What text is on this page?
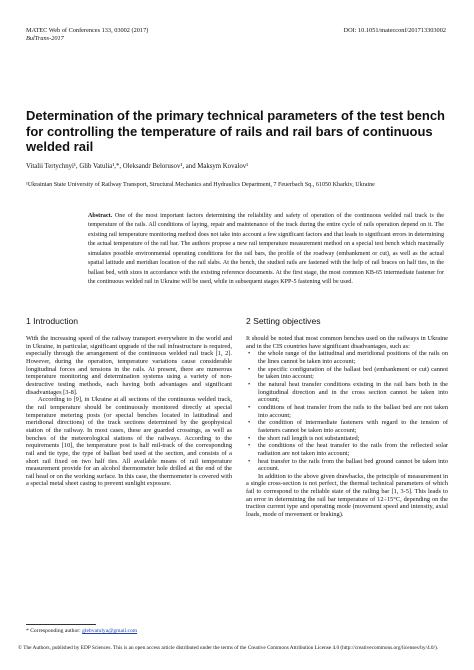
MATEC Web of Conferences 133, 03002 (2017)
BulTrans-2017
DOI: 10.1051/matecconf/201713303002
Determination of the primary technical parameters of the test bench for controlling the temperature of rails and rail bars of continuous welded rail
Vitalii Tertychnyi¹, Glib Vatulia¹,*, Oleksandr Belorusov¹, and Maksym Kovalov¹
¹Ukrainian State University of Railway Transport, Structural Mechanics and Hydraulics Department, 7 Feuerbach Sq., 61050 Kharkiv, Ukraine
Abstract. One of the most important factors determining the reliability and safety of operation of the continuous welded rail track is the temperature of the rails. All conditions of laying, repair and maintenance of the track during the entire cycle of rails operation depend on it. The existing rail temperature monitoring method does not take into account a few significant factors and that leads to significant errors in determining the actual temperature of the rail bar. The authors propose a new rail temperature measurement method on a special test bench which maximally simulates possible environmental operating conditions for the rail bars, the profile of the roadway (embankment or cut), as well as the actual spatial latitude and meridian location of the rail slabs. At the bench, the studied rails are fastened with the help of rail braces on half ties, in the ballast bed, with sizes in accordance with the existing reference documents. At the first stage, the most common KB-65 intermediate fastener for the continuous welded rail in Ukraine will be used, while in subsequent stages KPP-5 fastening will be used.
1 Introduction

With the increasing speed of the railway transport everywhere in the world and in Ukraine, in particular, significant upgrade of the rail infrastructure is required, especially through the arrangement of the continuous welded rail track [1, 2]. However, during the operation, temperature variations cause considerable longitudinal forces and tensions in the rails. At present, there are numerous temperature monitoring and determination systems using a variety of non-destructive testing methods, each having both advantages and significant disadvantages [3-8].

According to [9], in Ukraine at all sections of the continuous welded track, the rail temperature should be continuously monitored directly at special temperature metering posts (or special benches located in latitudinal and meridional directions) of the track sections determined by the geophysical station of the railway. In most cases, these are guarded crossings, as well as benches of the meteorological stations of the railways. According to the requirements [10], the temperature post is half mil-track of the corresponding rail and tie type, the type of ballast bed used at the section, and consists of a short rail fixed on two half ties. All available means of rail temperature measurement provide for an alcohol thermometer hole drilled at the end of the rail head or on the working surface. In this case, the thermometer is covered with a special metal sheet casing to prevent sunlight exposure.

2 Setting objectives

It should be noted that most common benches used on the railways in Ukraine and in the CIS countries have significant disadvantages, such as:

• the whole range of the latitudinal and meridional positions of the rails on the lines cannot be taken into account;
• the specific configuration of the ballast bed (embankment or cut) cannot be taken into account;
• the natural heat transfer conditions existing in the rail bars both in the longitudinal direction and in the cross section cannot be taken into account;
• conditions of heat transfer from the rails to the ballast bed are not taken into account;
• the condition of intermediate fasteners with regard to the tension of fasteners cannot be taken into account;
• the short rail length is not substantiated;
• the conditions of the heat transfer to the rails from the reflected solar radiation are not taken into account;
• heat transfer to the rails from the ballast bed ground cannot be taken into account.

In addition to the above given drawbacks, the principle of measurement in a single cross-section is not perfect, the thermal technical parameters of which fail to correspond to the reliable state of the railing bar [1, 3-5]. This leads to an error in determining the rail bar temperature of 12÷15°C, depending on the traction current type and operating mode (movement speed and intensity, axial loads, mode of movement or braking).

* Corresponding author: glebvatulya@gmail.com
© The Authors, published by EDP Sciences. This is an open access article distributed under the terms of the Creative Commons Attribution License 4.0 (http://creativecommons.org/licenses/by/4.0/).
